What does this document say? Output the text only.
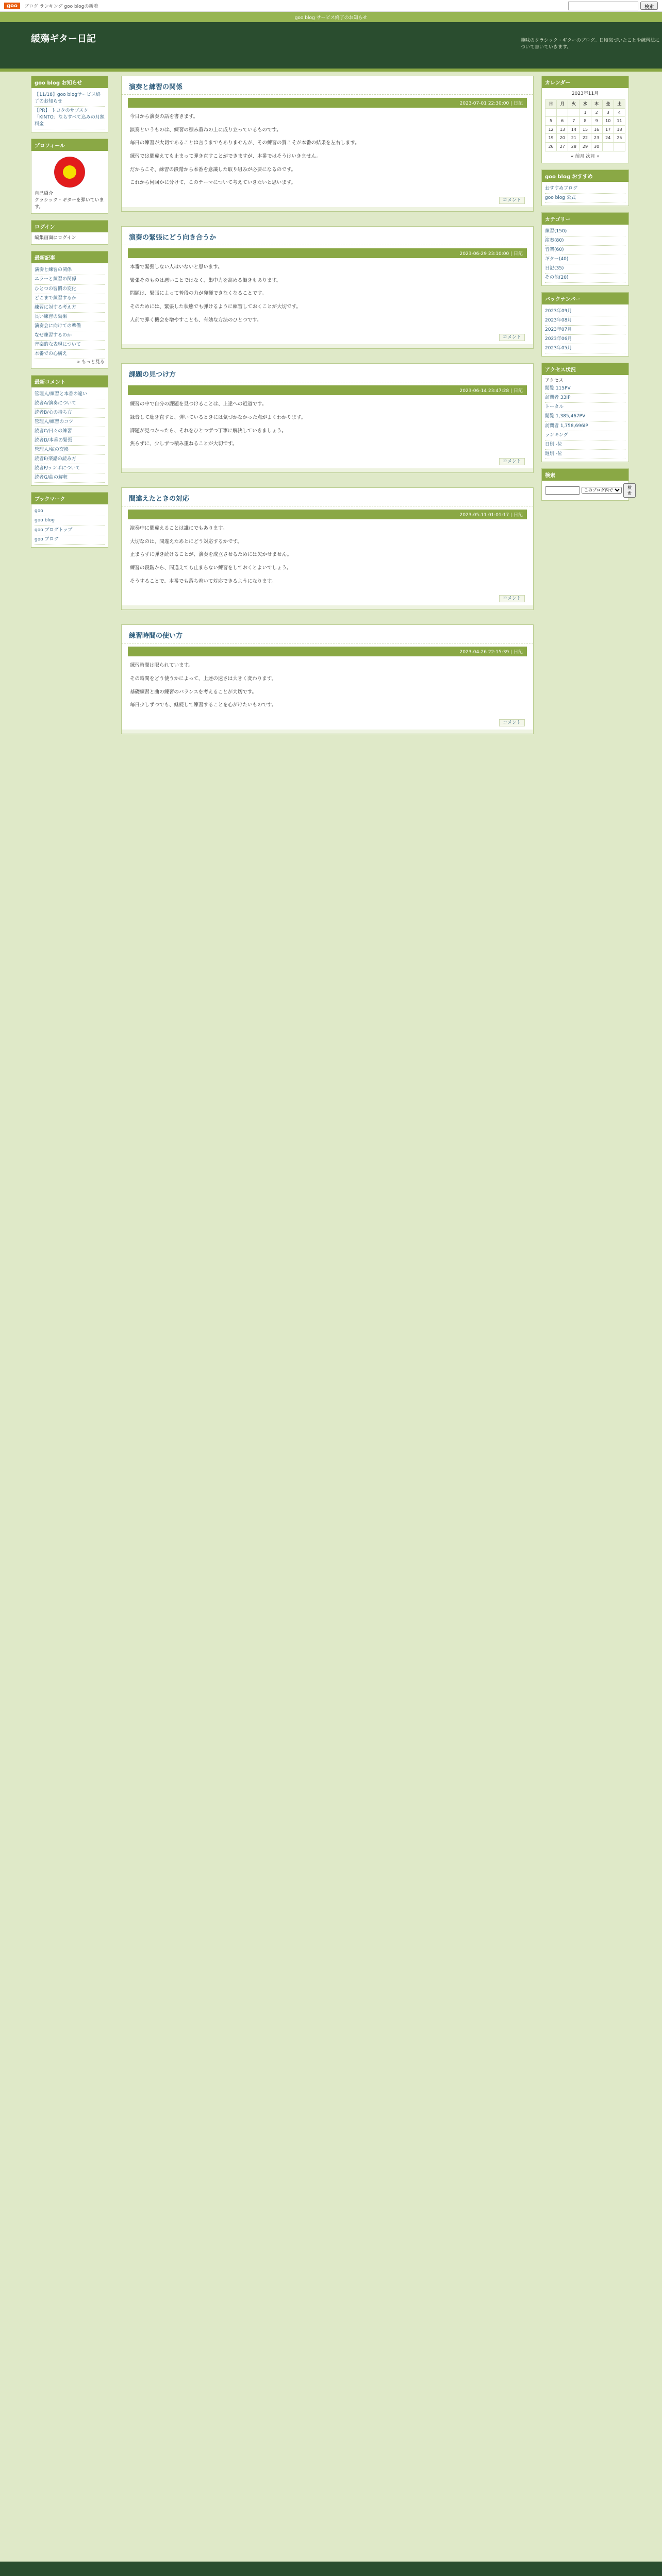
goo	ブログ ランキング goo blogの新着	検索
goo blog サービス終了のお知らせ
緩殤ギター日記	趣味のクラシック・ギターのブログ。日頃気づいたことや練習法について書いていきます。
goo blog お知らせ
【11/18】goo blogサービス終了のお知らせ
【PR】 トヨタのサブスク「KINTO」ならすべて込みの月額料金
プロフィール
自己紹介
クラシック・ギターを弾いています。
ログイン
編集画面にログイン
最新記事
演奏と練習の関係
エラーと練習の関係
ひとつの習慣の変化
どこまで練習するか
練習に対する考え方
長い練習の効果
演奏会に向けての準備
なぜ練習するのか
音楽的な表現について
本番での心構え
» もっと見る
最新コメント
管理人/練習と本番の違い
読者A/演奏について
読者B/心の持ち方
管理人/練習のコツ
読者C/日々の練習
読者D/本番の緊張
管理人/弦の交換
読者E/楽譜の読み方
読者F/テンポについて
読者G/曲の解釈
ブックマーク
goo
goo blog
goo ブログトップ
goo ブログ
演奏と練習の関係
2023-07-01 22:30:00 | 日記

今日から演奏の話を書きます。

演奏というものは、練習の積み重ねの上に成り立っているものです。

毎日の練習が大切であることは言うまでもありませんが、その練習の質こそが本番の結果を左右します。

練習では間違えても止まって弾き直すことができますが、本番ではそうはいきません。

だからこそ、練習の段階から本番を意識した取り組みが必要になるのです。

これから何回かに分けて、このテーマについて考えていきたいと思います。

コメント
演奏の緊張にどう向き合うか
2023-06-29 23:10:00 | 日記

本番で緊張しない人はいないと思います。

緊張そのものは悪いことではなく、集中力を高める働きもあります。

問題は、緊張によって普段の力が発揮できなくなることです。

そのためには、緊張した状態でも弾けるように練習しておくことが大切です。

人前で弾く機会を増やすことも、有効な方法のひとつです。

コメント
課題の見つけ方
2023-06-14 23:47:28 | 日記

練習の中で自分の課題を見つけることは、上達への近道です。

録音して聴き直すと、弾いているときには気づかなかった点がよくわかります。

課題が見つかったら、それをひとつずつ丁寧に解決していきましょう。

焦らずに、少しずつ積み重ねることが大切です。

コメント
間違えたときの対応
2023-05-11 01:01:17 | 日記

演奏中に間違えることは誰にでもあります。

大切なのは、間違えたあとにどう対応するかです。

止まらずに弾き続けることが、演奏を成立させるためには欠かせません。

練習の段階から、間違えても止まらない練習をしておくとよいでしょう。

そうすることで、本番でも落ち着いて対応できるようになります。

コメント
練習時間の使い方
2023-04-26 22:15:39 | 日記

練習時間は限られています。

その時間をどう使うかによって、上達の速さは大きく変わります。

基礎練習と曲の練習のバランスを考えることが大切です。

毎日少しずつでも、継続して練習することを心がけたいものです。

コメント
カレンダー
2023年11月
日	月	火	水	木	金	土
			1	2	3	4
5	6	7	8	9	10	11
12	13	14	15	16	17	18
19	20	21	22	23	24	25
26	27	28	29	30		
« 前月 次月 »
goo blog おすすめ
おすすめブログ
goo blog 公式
カテゴリー
練習(150)
演奏(80)
音楽(60)
ギター(40)
日記(35)
その他(20)
バックナンバー
2023年09月
2023年08月
2023年07月
2023年06月
2023年05月
アクセス状況
アクセス
閲覧 115PV
訪問者 33IP
トータル
閲覧 1,385,467PV
訪問者 1,758,696IP
ランキング
日別 -位
週別 -位
検索
このブログ内で
検索
